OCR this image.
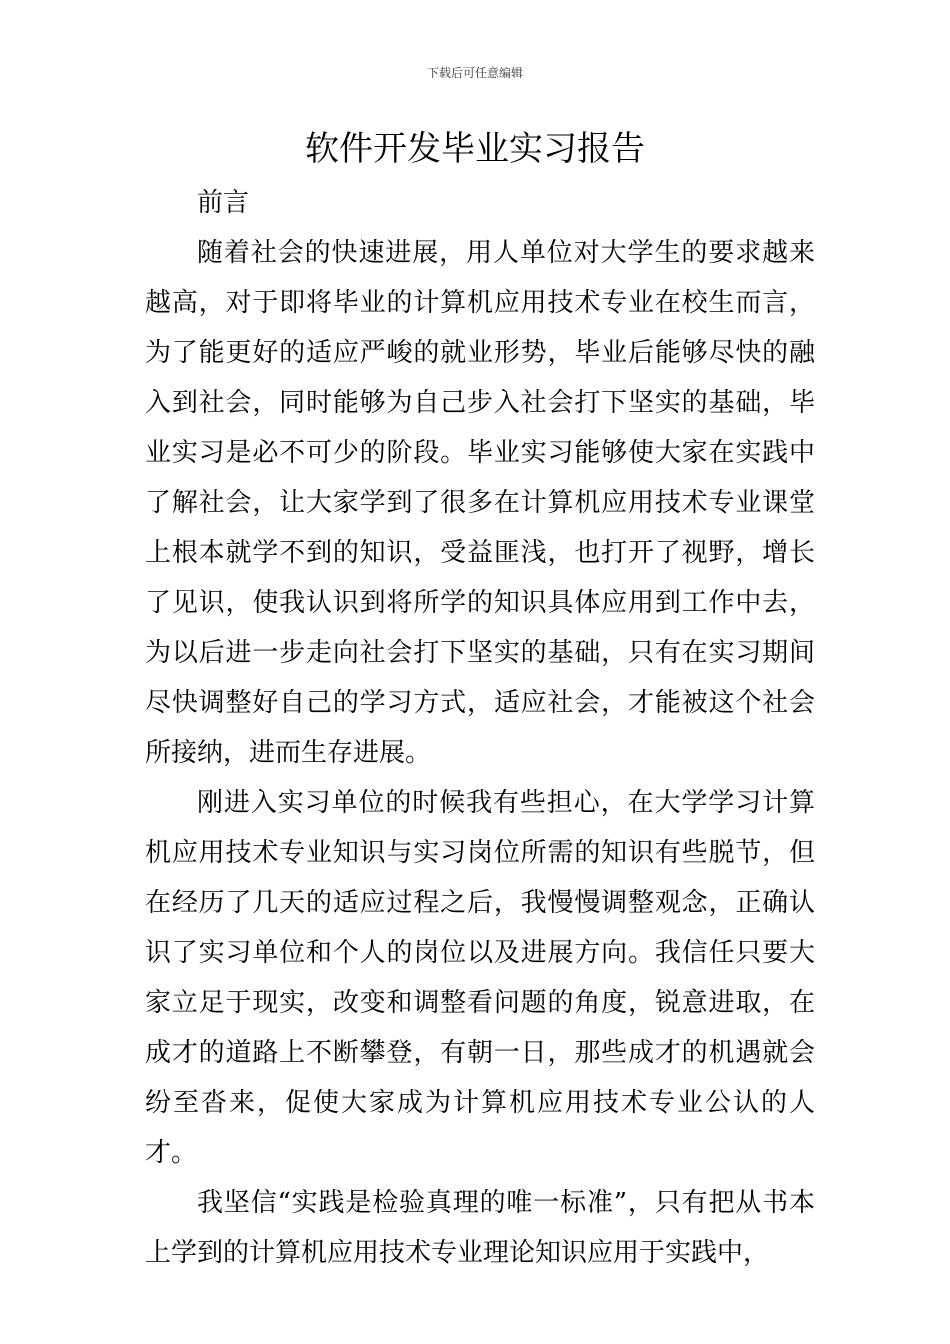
下载后可任意编辑
软件开发毕业实习报告

前言

随着社会的快速进展，用人单位对大学生的要求越来越高，对于即将毕业的计算机应用技术专业在校生而言，为了能更好的适应严峻的就业形势，毕业后能够尽快的融入到社会，同时能够为自己步入社会打下坚实的基础，毕业实习是必不可少的阶段。毕业实习能够使大家在实践中了解社会，让大家学到了很多在计算机应用技术专业课堂上根本就学不到的知识，受益匪浅，也打开了视野，增长了见识，使我认识到将所学的知识具体应用到工作中去，为以后进一步走向社会打下坚实的基础，只有在实习期间尽快调整好自己的学习方式，适应社会，才能被这个社会所接纳，进而生存进展。

刚进入实习单位的时候我有些担心，在大学学习计算机应用技术专业知识与实习岗位所需的知识有些脱节，但在经历了几天的适应过程之后，我慢慢调整观念，正确认识了实习单位和个人的岗位以及进展方向。我信任只要大家立足于现实，改变和调整看问题的角度，锐意进取，在成才的道路上不断攀登，有朝一日，那些成才的机遇就会纷至沓来，促使大家成为计算机应用技术专业公认的人才。

我坚信“实践是检验真理的唯一标准”，只有把从书本上学到的计算机应用技术专业理论知识应用于实践中，
